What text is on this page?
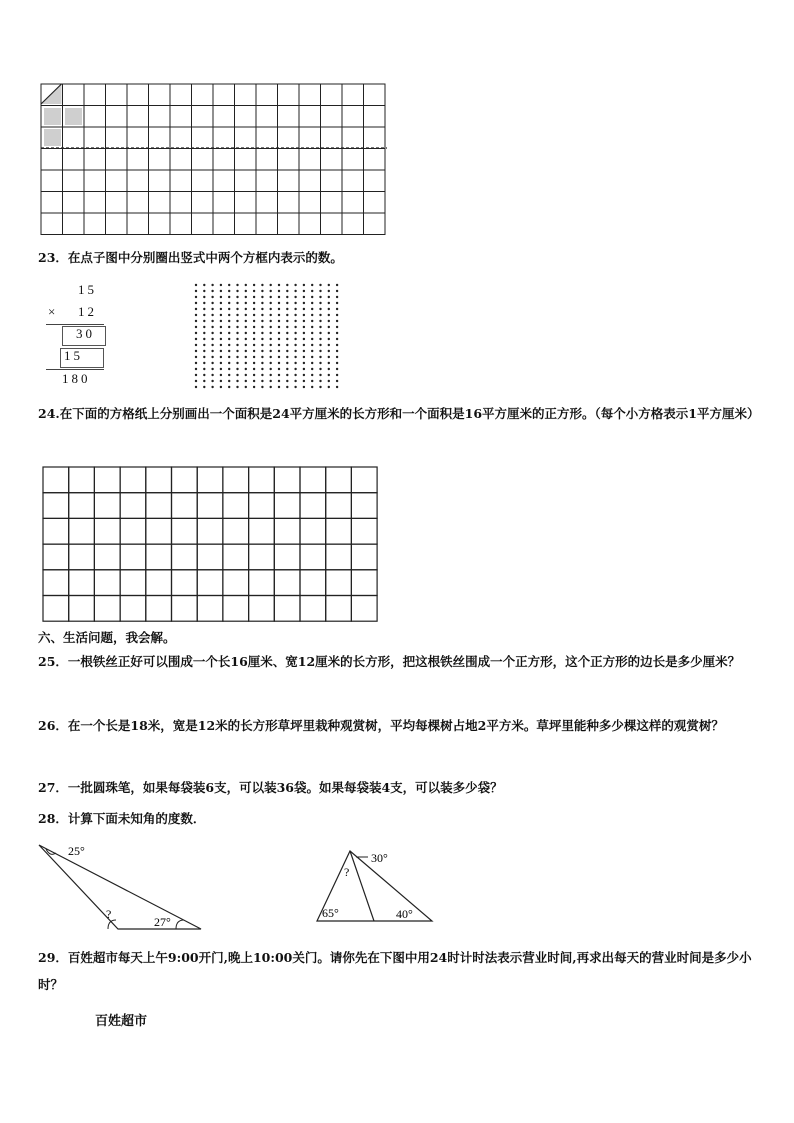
23．在点子图中分别圈出竖式中两个方框内表示的数。
15
× 12
30
15
180
24.在下面的方格纸上分别画出一个面积是24平方厘米的长方形和一个面积是16平方厘米的正方形。（每个小方格表示1平方厘米）
六、生活问题，我会解。
25．一根铁丝正好可以围成一个长16厘米、宽12厘米的长方形，把这根铁丝围成一个正方形，这个正方形的边长是多少厘米？
26．在一个长是18米，宽是12米的长方形草坪里栽种观赏树，平均每棵树占地2平方米。草坪里能种多少棵这样的观赏树？
27．一批圆珠笔，如果每袋装6支，可以装36袋。如果每袋装4支，可以装多少袋？
28．计算下面未知角的度数．
25°
?
27°
30°
?
65°	40°
29．百姓超市每天上午9:00开门,晚上10:00关门。请你先在下图中用24时计时法表示营业时间,再求出每天的营业时间是多少小时？
百姓超市
